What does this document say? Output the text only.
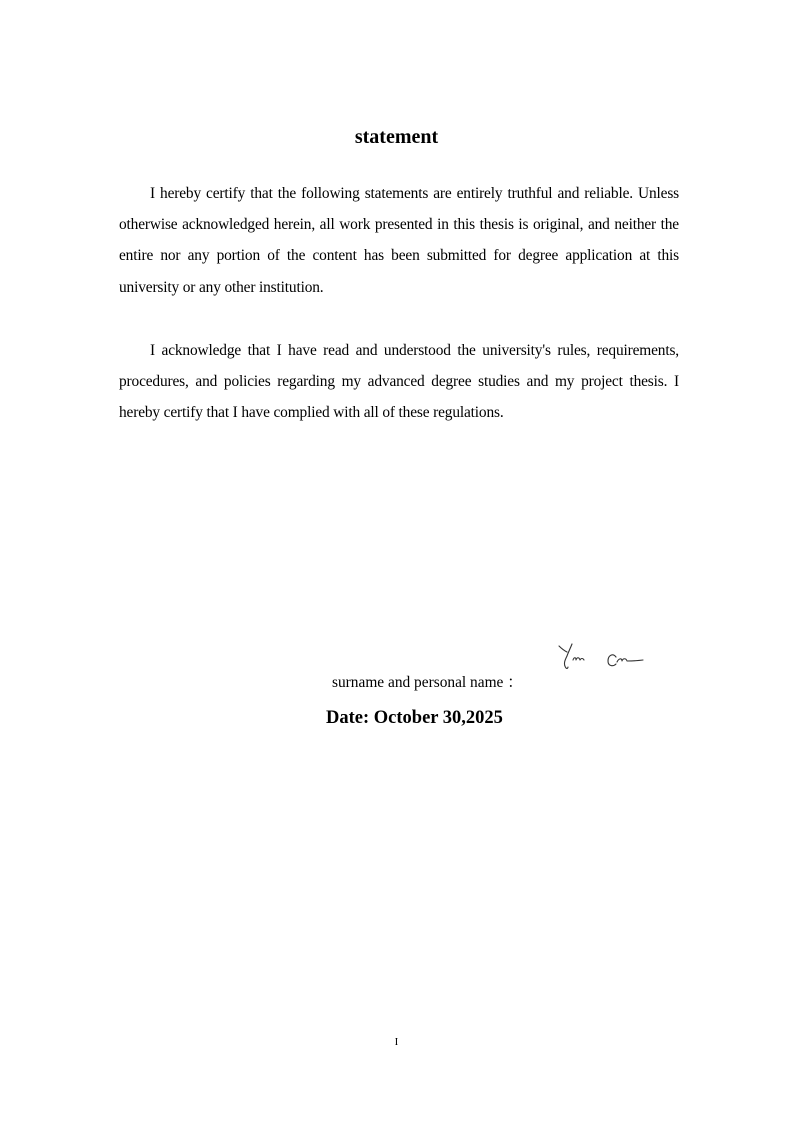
statement

I hereby certify that the following statements are entirely truthful and reliable. Unless otherwise acknowledged herein, all work presented in this thesis is original, and neither the entire nor any portion of the content has been submitted for degree application at this university or any other institution.

I acknowledge that I have read and understood the university's rules, requirements, procedures, and policies regarding my advanced degree studies and my project thesis. I hereby certify that I have complied with all of these regulations.

surname and personal name ：
Date: October 30,2025
I
